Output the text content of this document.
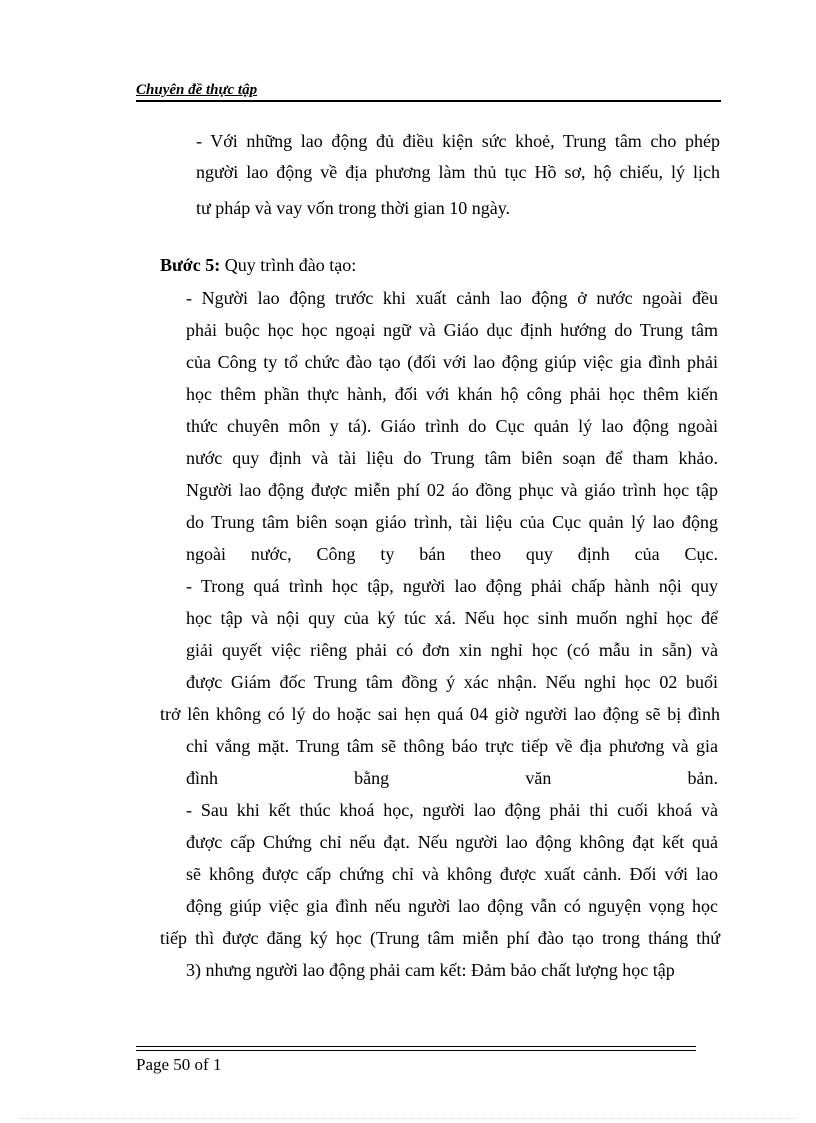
Chuyên đề thực tập
- Với những lao động đủ điều kiện sức khoẻ, Trung tâm cho phép
người lao động về địa phương làm thủ tục Hồ sơ, hộ chiếu, lý lịch
tư pháp và vay vốn trong thời gian 10 ngày.
Bước 5: Quy trình đào tạo:
- Người lao động trước khi xuất cảnh lao động ở nước ngoài đều
phải buộc học học ngoại ngữ và Giáo dục định hướng do Trung tâm
của Công ty tổ chức đào tạo (đối với lao động giúp việc gia đình phải
học thêm phần thực hành, đối với khán hộ công phải học thêm kiến
thức chuyên môn y tá). Giáo trình do Cục quản lý lao động ngoài
nước quy định và tài liệu do Trung tâm biên soạn để tham khảo.
Người lao động được miễn phí 02 áo đồng phục và giáo trình học tập
do Trung tâm biên soạn giáo trình, tài liệu của Cục quản lý lao động
ngoài nước, Công ty bán theo quy định của Cục.
- Trong quá trình học tập, người lao động phải chấp hành nội quy
học tập và nội quy của ký túc xá. Nếu học sinh muốn nghỉ học để
giải quyết việc riêng phải có đơn xin nghỉ học (có mẫu in sẵn) và
được Giám đốc Trung tâm đồng ý xác nhận. Nếu nghỉ học 02 buổi
trở lên không có lý do hoặc sai hẹn quá 04 giờ người lao động sẽ bị đình
chỉ vắng mặt. Trung tâm sẽ thông báo trực tiếp về địa phương và gia
đình bằng văn bản.
- Sau khi kết thúc khoá học, người lao động phải thi cuối khoá và
được cấp Chứng chỉ nếu đạt. Nếu người lao động không đạt kết quả
sẽ không được cấp chứng chỉ và không được xuất cảnh. Đối với lao
động giúp việc gia đình nếu người lao động vẫn có nguyện vọng học
tiếp thì được đăng ký học (Trung tâm miễn phí đào tạo trong tháng thứ
3) nhưng người lao động phải cam kết: Đảm bảo chất lượng học tập
Page 50 of 1
